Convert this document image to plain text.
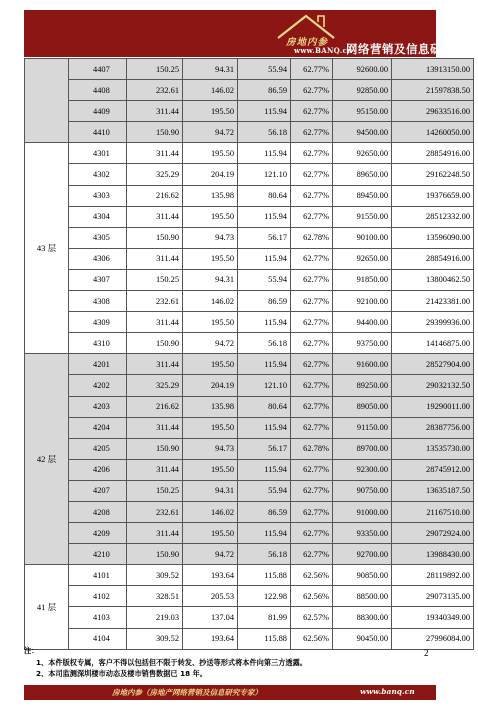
房地内参
www.BANQ.cn
网络营销及信息研究专家
	4407	150.25	94.31	55.94	62.77%	92600.00	13913150.00
	4408	232.61	146.02	86.59	62.77%	92850.00	21597838.50
	4409	311.44	195.50	115.94	62.77%	95150.00	29633516.00
	4410	150.90	94.72	56.18	62.77%	94500.00	14260050.00
43 层	4301	311.44	195.50	115.94	62.77%	92650.00	28854916.00
	4302	325.29	204.19	121.10	62.77%	89650.00	29162248.50
	4303	216.62	135.98	80.64	62.77%	89450.00	19376659.00
	4304	311.44	195.50	115.94	62.77%	91550.00	28512332.00
	4305	150.90	94.73	56.17	62.78%	90100.00	13596090.00
	4306	311.44	195.50	115.94	62.77%	92650.00	28854916.00
	4307	150.25	94.31	55.94	62.77%	91850.00	13800462.50
	4308	232.61	146.02	86.59	62.77%	92100.00	21423381.00
	4309	311.44	195.50	115.94	62.77%	94400.00	29399936.00
	4310	150.90	94.72	56.18	62.77%	93750.00	14146875.00
42 层	4201	311.44	195.50	115.94	62.77%	91600.00	28527904.00
	4202	325.29	204.19	121.10	62.77%	89250.00	29032132.50
	4203	216.62	135.98	80.64	62.77%	89050.00	19290011.00
	4204	311.44	195.50	115.94	62.77%	91150.00	28387756.00
	4205	150.90	94.73	56.17	62.78%	89700.00	13535730.00
	4206	311.44	195.50	115.94	62.77%	92300.00	28745912.00
	4207	150.25	94.31	55.94	62.77%	90750.00	13635187.50
	4208	232.61	146.02	86.59	62.77%	91000.00	21167510.00
	4209	311.44	195.50	115.94	62.77%	93350.00	29072924.00
	4210	150.90	94.72	56.18	62.77%	92700.00	13988430.00
41 层	4101	309.52	193.64	115.88	62.56%	90850.00	28119892.00
	4102	328.51	205.53	122.98	62.56%	88500.00	29073135.00
	4103	219.03	137.04	81.99	62.57%	88300.00	19340349.00
	4104	309.52	193.64	115.88	62.56%	90450.00	27996084.00
注：
1、本件版权专属，客户不得以包括但不限于转发、抄送等形式将本件向第三方透露。
2、本司监测深圳楼市动态及楼市销售数据已 18 年。
2
房地内参（房地产网络营销及信息研究专家）	www.banq.cn
